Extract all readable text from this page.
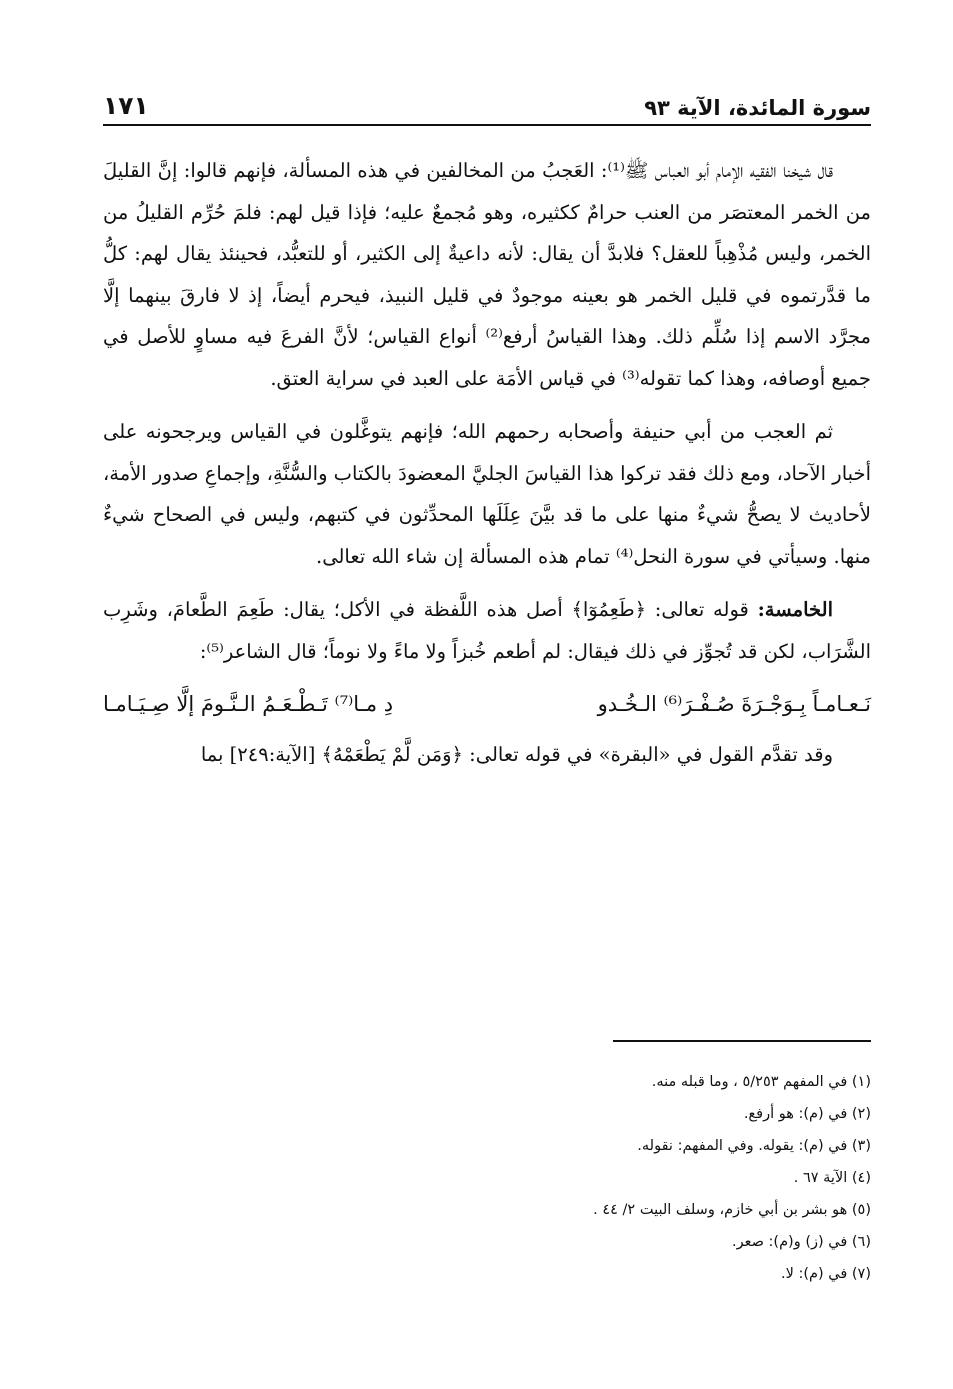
سورة المائدة، الآية ٩٣
١٧١

قال شيخنا الفقيه الإمام أبو العباس ﷺ⁽¹⁾: العَجبُ من المخالفين في هذه المسألة، فإنهم قالوا: إنَّ القليلَ من الخمر المعتصَر من العنب حرامٌ ككثيره، وهو مُجمعٌ عليه؛ فإذا قيل لهم: فلمَ حُرِّم القليلُ من الخمر، وليس مُذْهِباً للعقل؟ فلابدَّ أن يقال: لأنه داعيةٌ إلى الكثير، أو للتعبُّد، فحينئذ يقال لهم: كلُّ ما قدَّرتموه في قليل الخمر هو بعينه موجودٌ في قليل النبيذ، فيحرم أيضاً، إذ لا فارقَ بينهما إلَّا مجرَّد الاسم إذا سُلِّم ذلك. وهذا القياسُ أرفع⁽²⁾ أنواع القياس؛ لأنَّ الفرعَ فيه مساوٍ للأصل في جميع أوصافه، وهذا كما تقوله⁽³⁾ في قياس الأمَة على العبد في سراية العتق.

ثم العجب من أبي حنيفة وأصحابه رحمهم الله؛ فإنهم يتوغَّلون في القياس ويرجحونه على أخبار الآحاد، ومع ذلك فقد تركوا هذا القياسَ الجليَّ المعضودَ بالكتاب والسُّنَّةِ، وإجماعِ صدور الأمة، لأحاديث لا يصحُّ شيءٌ منها على ما قد بيَّنَ عِلَلَها المحدِّثون في كتبهم، وليس في الصحاح شيءٌ منها. وسيأتي في سورة النحل⁽⁴⁾ تمام هذه المسألة إن شاء الله تعالى.

الخامسة: قوله تعالى: ﴿طَعِمُوٓا﴾ أصل هذه اللَّفظة في الأكل؛ يقال: طَعِمَ الطَّعامَ، وشَرِب الشَّرَاب، لكن قد تُجوِّز في ذلك فيقال: لم أطعم خُبزاً ولا ماءً ولا نوماً؛ قال الشاعر⁽⁵⁾:

نَـعـامـاً بِـوَجْـرَةَ صُـفْـرَ⁽⁶⁾ الـخُـدو
دِ مـا⁽⁷⁾ تَـطْـعَـمُ الـنَّـومَ إلَّا صِـيَـامـا

وقد تقدَّم القول في «البقرة» في قوله تعالى: ﴿وَمَن لَّمْ يَطْعَمْهُ﴾ [الآية:٢٤٩] بما

(١) في المفهم ٥/٢٥٣ ، وما قبله منه.
(٢) في (م): هو أرفع.
(٣) في (م): يقوله. وفي المفهم: نقوله.
(٤) الآية ٦٧ .
(٥) هو بشر بن أبي خازم، وسلف البيت ٢/ ٤٤ .
(٦) في (ز) و(م): صعر.
(٧) في (م): لا.
